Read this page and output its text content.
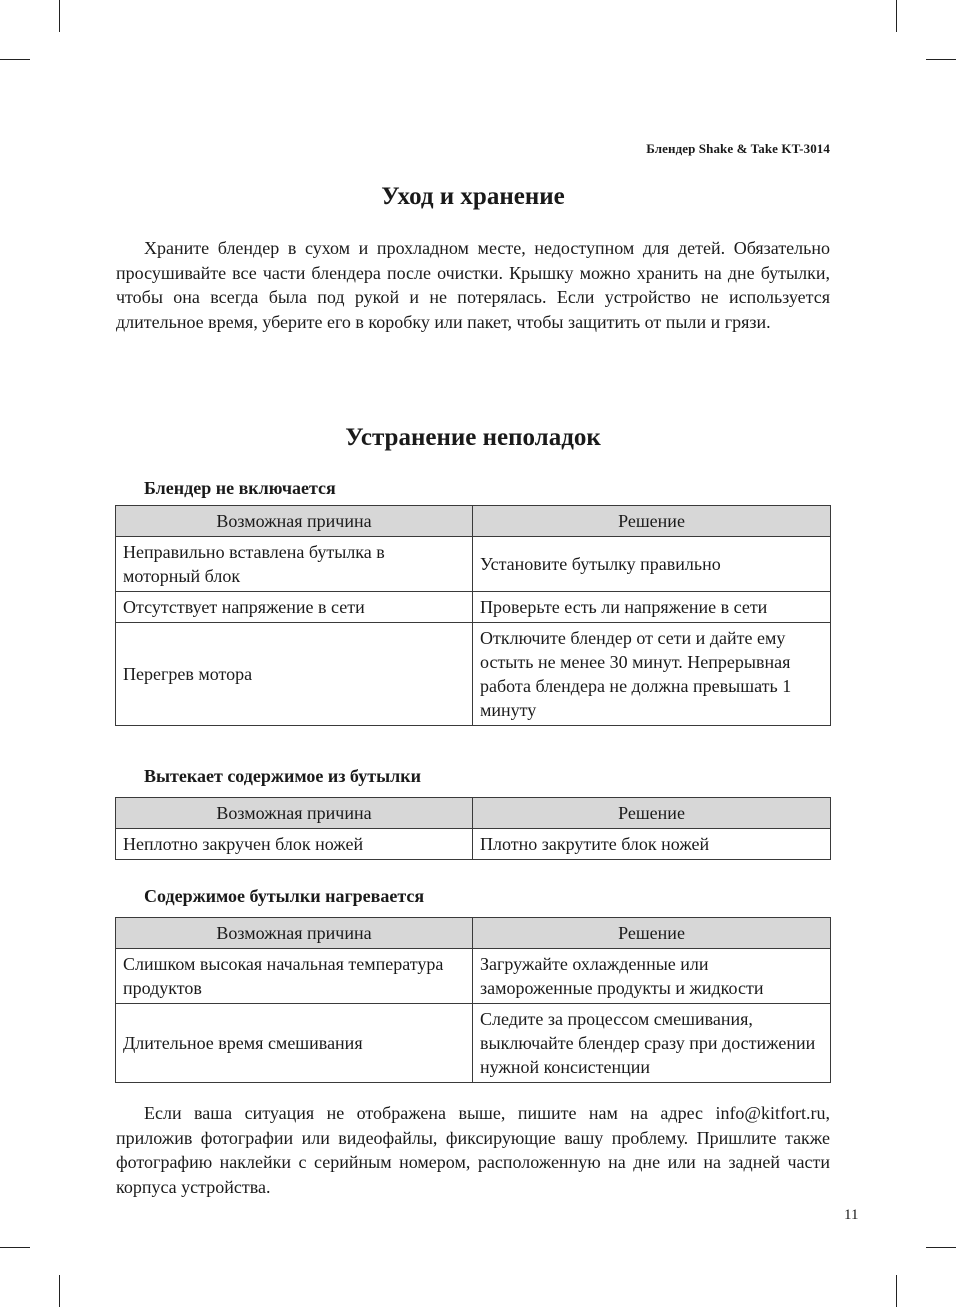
Блендер Shake & Take KT-3014
Уход и хранение

Храните блендер в сухом и прохладном месте, недоступном для детей. Обязательно просушивайте все части блендера после очистки. Крышку можно хранить на дне бутылки, чтобы она всегда была под рукой и не потерялась. Если устройство не используется длительное время, уберите его в коробку или пакет, чтобы защитить от пыли и грязи.

Устранение неполадок
Блендер не включается
Возможная причина	Решение
Неправильно вставлена бутылка в моторный блок	Установите бутылку правильно
Отсутствует напряжение в сети	Проверьте есть ли напряжение в сети
Перегрев мотора	Отключите блендер от сети и дайте ему остыть не менее 30 минут. Непрерывная работа блендера не должна превышать 1 минуту
Вытекает содержимое из бутылки
Возможная причина	Решение
Неплотно закручен блок ножей	Плотно закрутите блок ножей
Содержимое бутылки нагревается
Возможная причина	Решение
Слишком высокая начальная температура продуктов	Загружайте охлажденные или замороженные продукты и жидкости
Длительное время смешивания	Следите за процессом смешивания, выключайте блендер сразу при достижении нужной консистенции

Если ваша ситуация не отображена выше, пишите нам на адрес info@kitfort.ru, приложив фотографии или видеофайлы, фиксирующие вашу проблему. Пришлите также фотографию наклейки с серийным номером, расположенную на дне или на задней части корпуса устройства.

11
